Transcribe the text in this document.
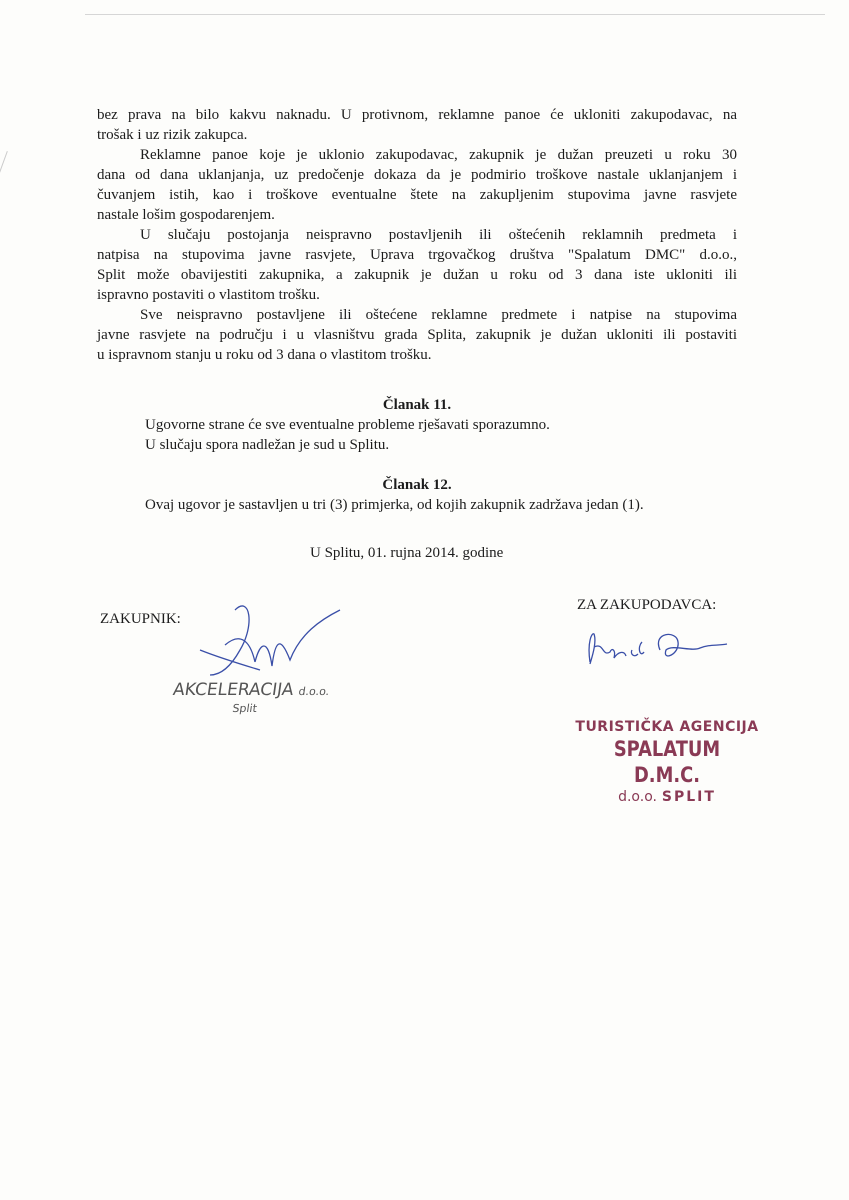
bez prava na bilo kakvu naknadu. U protivnom, reklamne panoe će ukloniti zakupodavac, na
trošak i uz rizik zakupca.
Reklamne panoe koje je uklonio zakupodavac, zakupnik je dužan preuzeti u roku 30
dana od dana uklanjanja, uz predočenje dokaza da je podmirio troškove nastale uklanjanjem i
čuvanjem istih, kao i troškove eventualne štete na zakupljenim stupovima javne rasvjete
nastale lošim gospodarenjem.
U slučaju postojanja neispravno postavljenih ili oštećenih reklamnih predmeta i
natpisa na stupovima javne rasvjete, Uprava trgovačkog društva "Spalatum DMC" d.o.o.,
Split može obavijestiti zakupnika, a zakupnik je dužan u roku od 3 dana iste ukloniti ili
ispravno postaviti o vlastitom trošku.
Sve neispravno postavljene ili oštećene reklamne predmete i natpise na stupovima
javne rasvjete na području i u vlasništvu grada Splita, zakupnik je dužan ukloniti ili postaviti
u ispravnom stanju u roku od 3 dana o vlastitom trošku.
Članak 11.
Ugovorne strane će sve eventualne probleme rješavati sporazumno.
U slučaju spora nadležan je sud u Splitu.
Članak 12.
Ovaj ugovor je sastavljen u tri (3) primjerka, od kojih zakupnik zadržava jedan (1).
U Splitu, 01. rujna 2014. godine
ZAKUPNIK:
ZA ZAKUPODAVCA:
AKCELERACIJA d.o.o.
Split
TURISTIČKA AGENCIJA
SPALATUM D.M.C.
d.o.o. SPLIT
